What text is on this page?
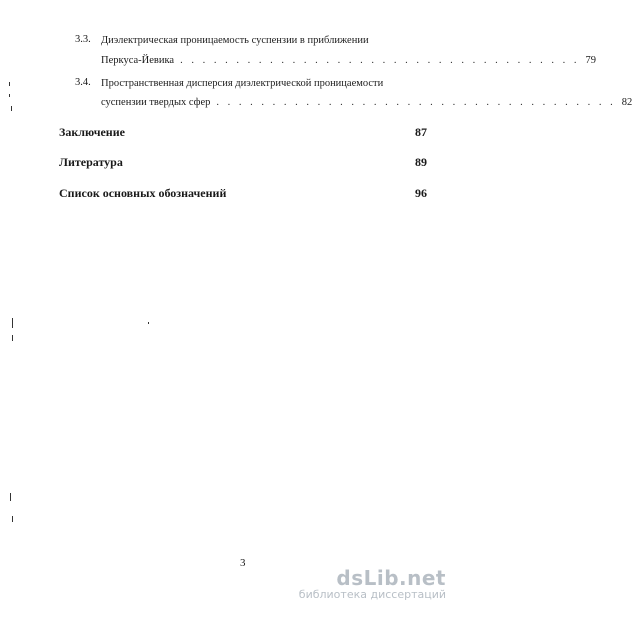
3.3. Диэлектрическая проницаемость суспензии в приближении
Перкуса-Йевика . . . . . . . . . . . . . . . . . . . . . . . . . . . . . . . . . . . . 79
3.4. Пространственная дисперсия диэлектрической проницаемости
суспензии твердых сфер . . . . . . . . . . . . . . . . . . . . . . . . . . . . . . . . . . . . 82
Заключение	87
Литература	89
Список основных обозначений	96
3
dsLib.net
библиотека диссертаций
